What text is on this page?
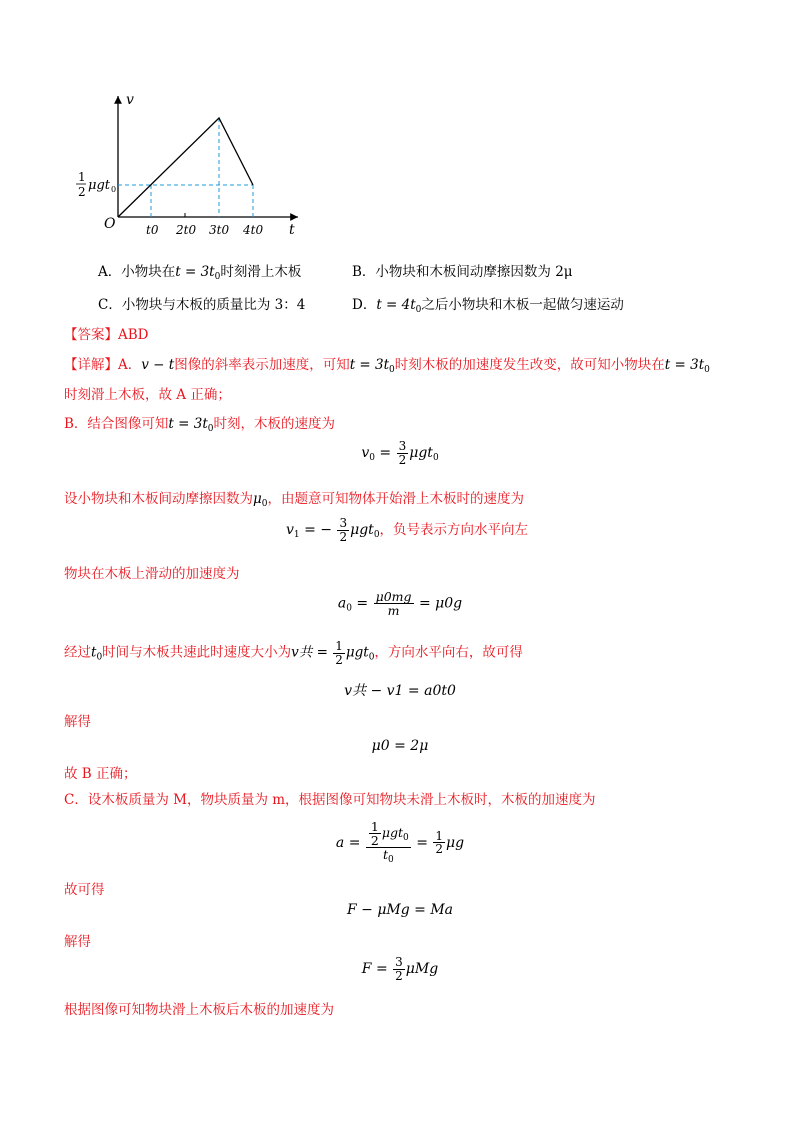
v
t
O
1
2 μgt 0
t0 2t0 3t0 4t0
A．小物块在$t = 3t_0$时刻滑上木板	B．小物块和木板间动摩擦因数为 2μ
C．小物块与木板的质量比为 3：4	D．$t = 4t_0$之后小物块和木板一起做匀速运动
【答案】ABD
【详解】A．v − t图像的斜率表示加速度，可知$t = 3t_0$时刻木板的加速度发生改变，故可知小物块在$t = 3t_0$
时刻滑上木板，故 A 正确；
B．结合图像可知$t = 3t_0$时刻，木板的速度为
$v_0 = \frac{3}{2} \mu gt_0$
设小物块和木板间动摩擦因数为$\mu_0$，由题意可知物体开始滑上木板时的速度为
$v_1$ = − $\frac{3}{2} \mu gt_0$，负号表示方向水平向左
物块在木板上滑动的加速度为
$a_0 = \frac{\mu 0mg}{m} = \mu 0g$
经过$t_0$时间与木板共速此时速度大小为v共 = $\frac{1}{2} \mu gt_0$，方向水平向右，故可得
v共 − v1 = a0t0
解得
μ0 = 2μ
故 B 正确；
C．设木板质量为 M，物块质量为 m，根据图像可知物块未滑上木板时，木板的加速度为
$a = \frac{\frac{1}{2} \mu gt_0}{t_0} = \frac{1}{2}$ μg
故可得
F − μMg = Ma
解得
$F = \frac{3}{2}$ μMg
根据图像可知物块滑上木板后木板的加速度为
